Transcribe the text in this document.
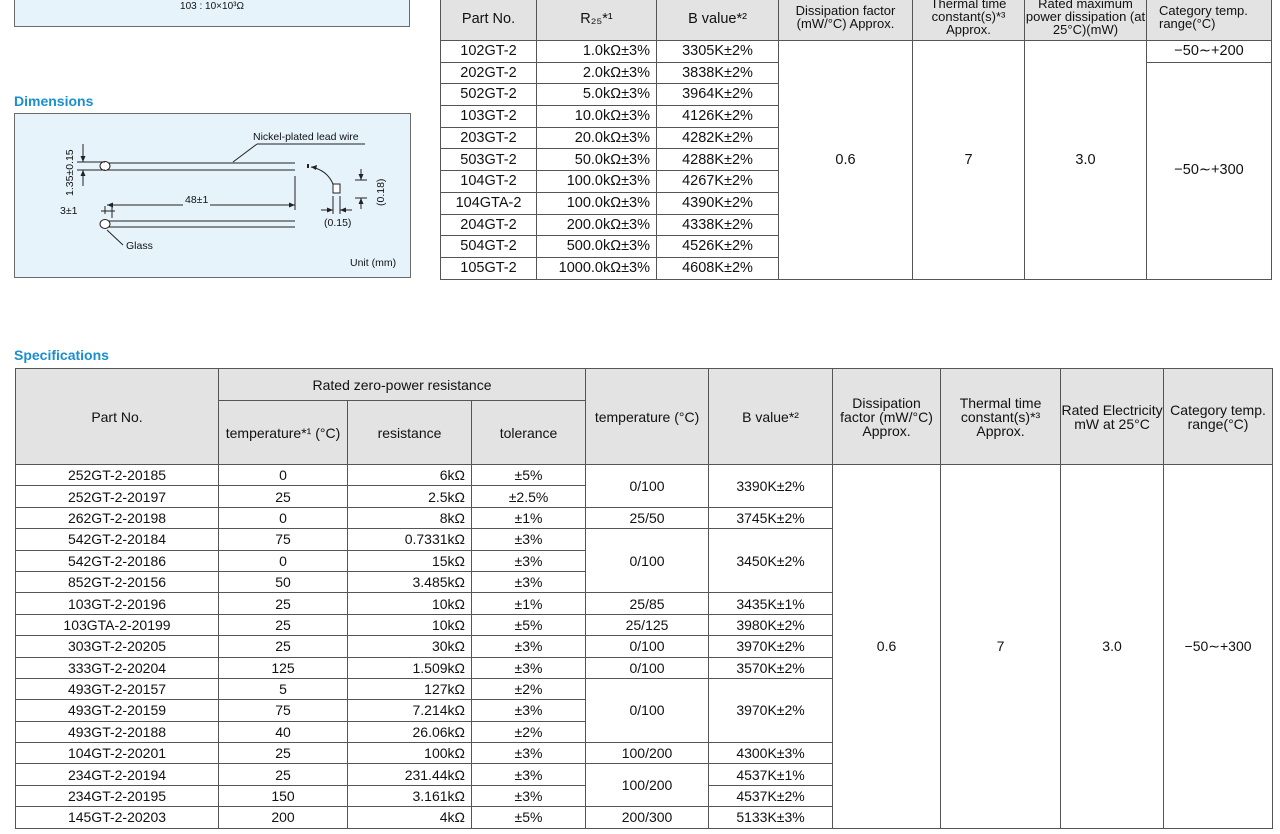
103 : 10×10³Ω
Dimensions
Nickel-plated lead wire
1.35±0.15
48±1
3±1
(0.18)
(0.15)
Glass
Unit (mm)
Part No.	R₂₅*¹	B value*²	Dissipation factor (mW/°C) Approx.	Thermal time constant(s)*³ Approx.	Rated maximum power dissipation (at 25°C)(mW)	Category temp. range(°C)
102GT-2	1.0kΩ±3%	3305K±2%	0.6	7	3.0	−50∼+200
202GT-2	2.0kΩ±3%	3838K±2%				−50∼+300
502GT-2	5.0kΩ±3%	3964K±2%				
103GT-2	10.0kΩ±3%	4126K±2%				
203GT-2	20.0kΩ±3%	4282K±2%				
503GT-2	50.0kΩ±3%	4288K±2%				
104GT-2	100.0kΩ±3%	4267K±2%				
104GTA-2	100.0kΩ±3%	4390K±2%				
204GT-2	200.0kΩ±3%	4338K±2%				
504GT-2	500.0kΩ±3%	4526K±2%				
105GT-2	1000.0kΩ±3%	4608K±2%				
Specifications
Part No.	Rated zero-power resistance			temperature (°C)	B value*²	Dissipation factor (mW/°C) Approx.	Thermal time constant(s)*³ Approx.	Rated Electricity mW at 25°C	Category temp. range(°C)
	temperature*¹ (°C)	resistance	tolerance						
252GT-2-20185	0	6kΩ	±5%	0/100	3390K±2%	0.6	7	3.0	−50∼+300
252GT-2-20197	25	2.5kΩ	±2.5%						
262GT-2-20198	0	8kΩ	±1%	25/50	3745K±2%				
542GT-2-20184	75	0.7331kΩ	±3%	0/100	3450K±2%				
542GT-2-20186	0	15kΩ	±3%						
852GT-2-20156	50	3.485kΩ	±3%						
103GT-2-20196	25	10kΩ	±1%	25/85	3435K±1%				
103GTA-2-20199	25	10kΩ	±5%	25/125	3980K±2%				
303GT-2-20205	25	30kΩ	±3%	0/100	3970K±2%				
333GT-2-20204	125	1.509kΩ	±3%	0/100	3570K±2%				
493GT-2-20157	5	127kΩ	±2%	0/100	3970K±2%				
493GT-2-20159	75	7.214kΩ	±3%						
493GT-2-20188	40	26.06kΩ	±2%						
104GT-2-20201	25	100kΩ	±3%	100/200	4300K±3%				
234GT-2-20194	25	231.44kΩ	±3%	100/200	4537K±1%				
234GT-2-20195	150	3.161kΩ	±3%		4537K±2%				
145GT-2-20203	200	4kΩ	±5%	200/300	5133K±3%				
